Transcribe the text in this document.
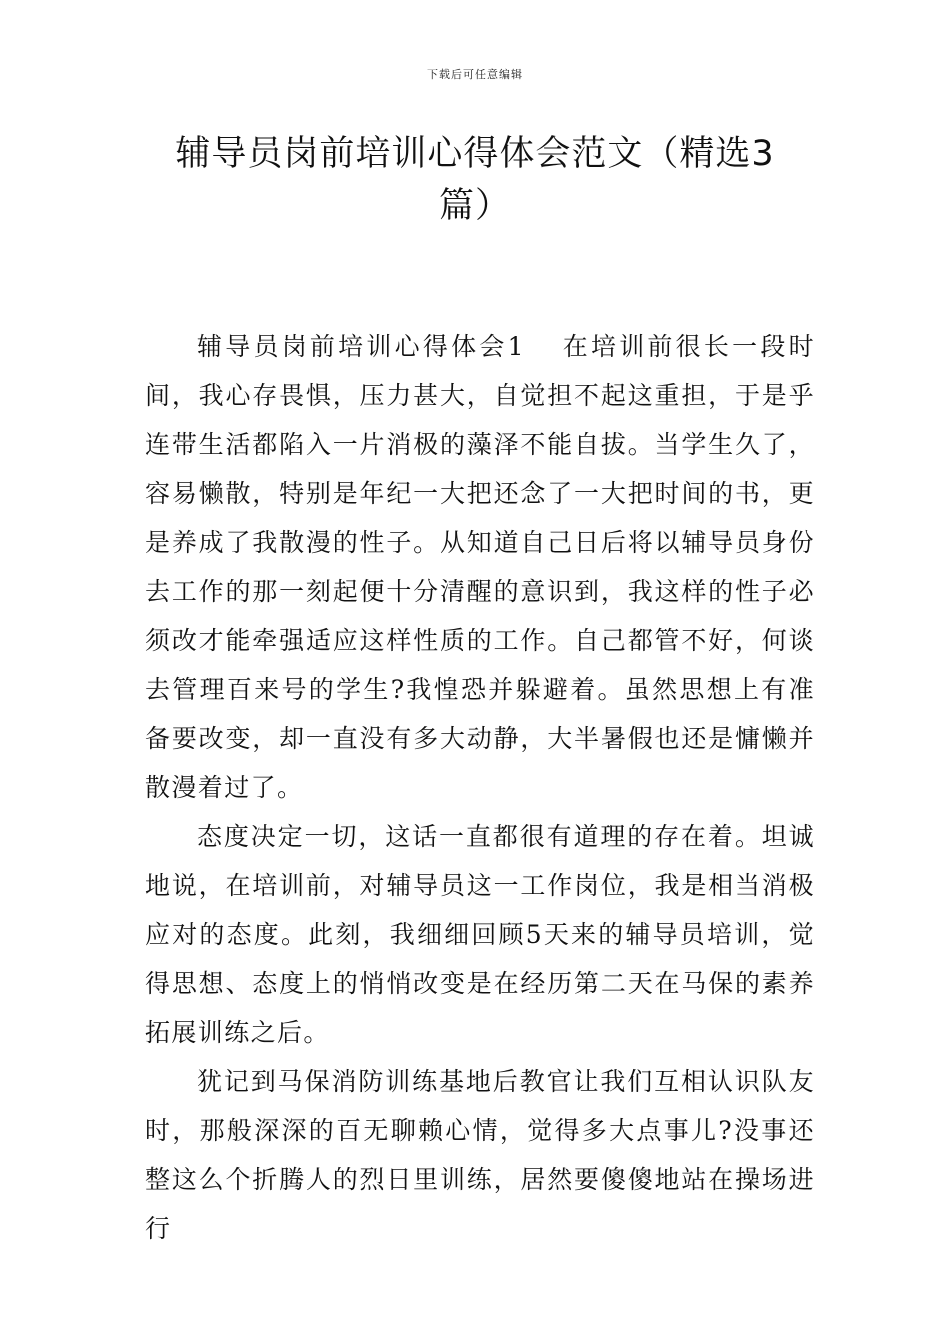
下载后可任意编辑
辅导员岗前培训心得体会范文（精选3
篇）

辅导员岗前培训心得体会1 在培训前很长一段时间，我心存畏惧，压力甚大，自觉担不起这重担，于是乎连带生活都陷入一片消极的藻泽不能自拔。当学生久了，容易懒散，特别是年纪一大把还念了一大把时间的书，更是养成了我散漫的性子。从知道自己日后将以辅导员身份去工作的那一刻起便十分清醒的意识到，我这样的性子必须改才能牵强适应这样性质的工作。自己都管不好，何谈去管理百来号的学生?我惶恐并躲避着。虽然思想上有准备要改变，却一直没有多大动静，大半暑假也还是慵懒并散漫着过了。

态度决定一切，这话一直都很有道理的存在着。坦诚地说，在培训前，对辅导员这一工作岗位，我是相当消极应对的态度。此刻，我细细回顾5天来的辅导员培训，觉得思想、态度上的悄悄改变是在经历第二天在马保的素养拓展训练之后。

犹记到马保消防训练基地后教官让我们互相认识队友时，那般深深的百无聊赖心情，觉得多大点事儿?没事还整这么个折腾人的烈日里训练，居然要傻傻地站在操场进行
